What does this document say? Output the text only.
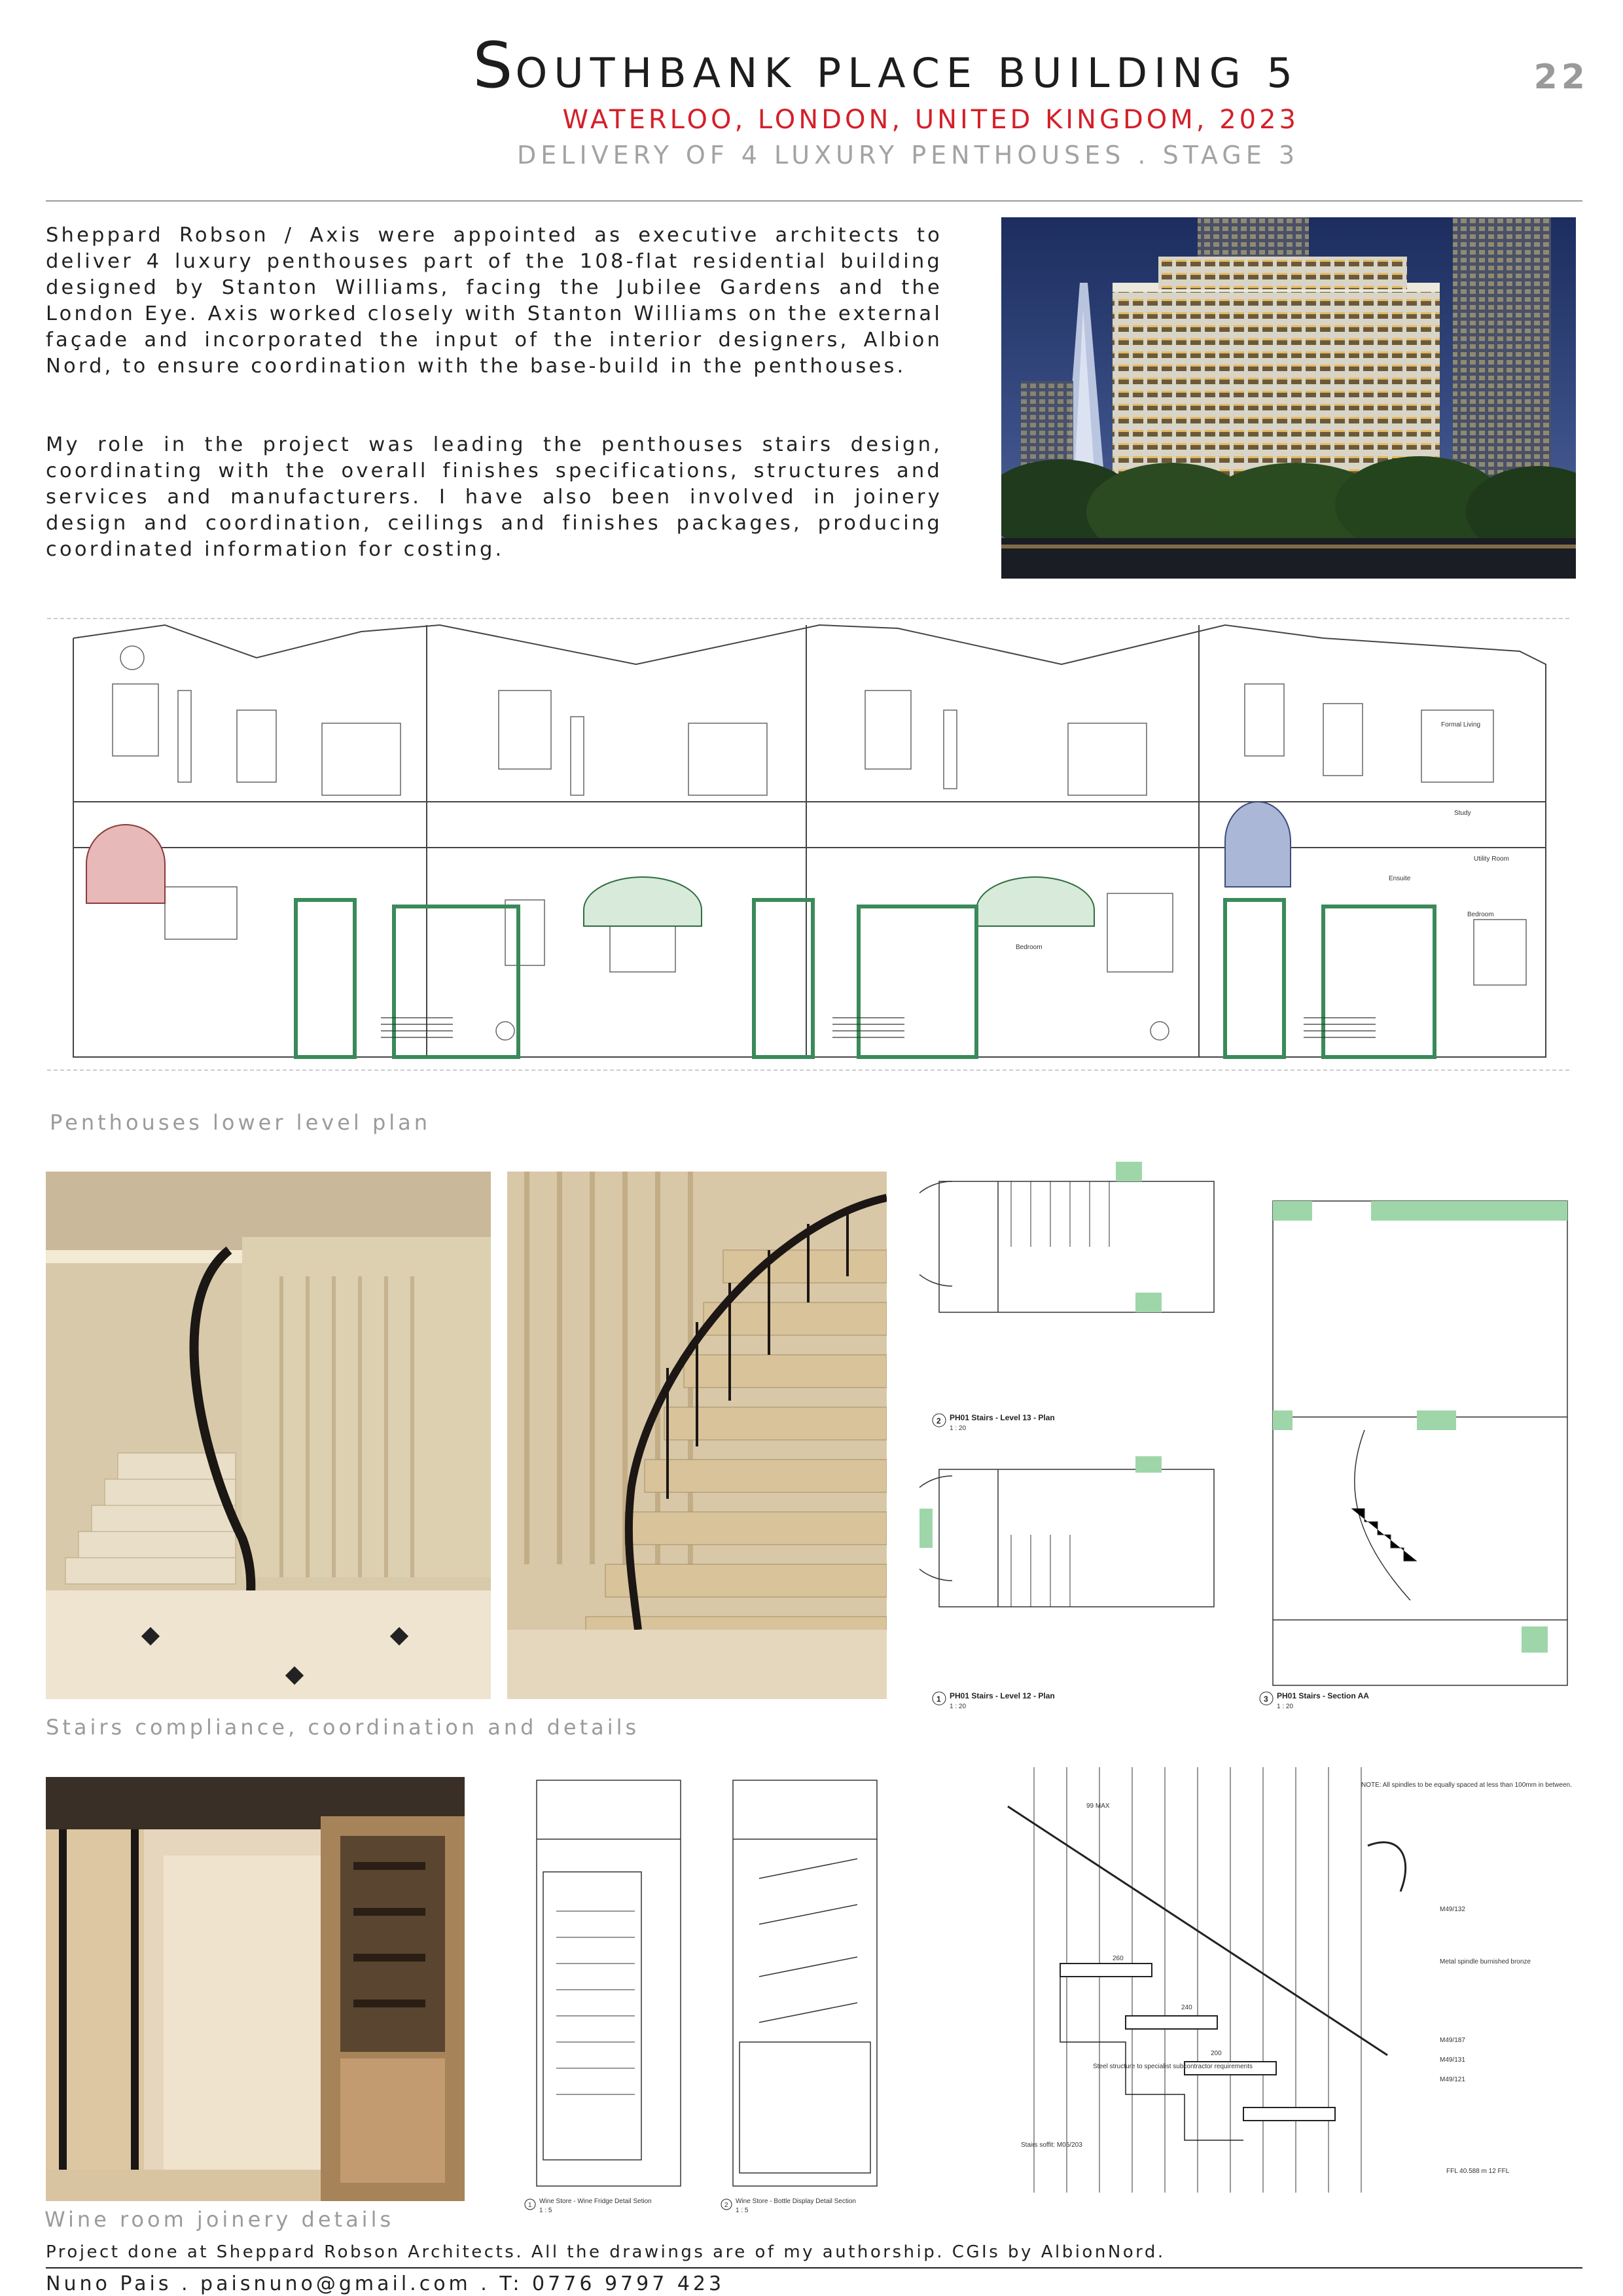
SOUTHBANK PLACE BUILDING 5	22
WATERLOO, LONDON, UNITED KINGDOM, 2023
DELIVERY OF 4 LUXURY PENTHOUSES . STAGE 3

Sheppard Robson / Axis were appointed as executive architects to deliver 4 luxury penthouses part of the 108-flat residential building designed by Stanton Williams, facing the Jubilee Gardens and the London Eye. Axis worked closely with Stanton Williams on the external façade and incorporated the input of the interior designers, Albion Nord, to ensure coordination with the base-build in the penthouses.

My role in the project was leading the penthouses stairs design, coordinating with the overall finishes specifications, structures and services and manufacturers. I have also been involved in joinery design and coordination, ceilings and finishes packages, producing coordinated information for costing.

Formal Living
Study
Utility Room
Ensuite
Bedroom
Bedroom
Penthouses lower level plan
2 PH01 Stairs - Level 13 - Plan
1 : 20
1 PH01 Stairs - Level 12 - Plan
1 : 20
3 PH01 Stairs - Section AA
1 : 20
Stairs compliance, coordination and details
1
Wine Store - Wine Fridge Detail Setion
1 : 5
2
Wine Store - Bottle Display Detail Section
1 : 5
NOTE: All spindles to be equally spaced at less than 100mm in between.
99 MAX
260
240
200
Steel structure to specialist subcontractor requirements
Metal spindle burnished bronze
Stairs soffit: M05/203
M49/132
M49/187
M49/131
M49/121
FFL 40.588 m 12 FFL
Wine room joinery details
Project done at Sheppard Robson Architects. All the drawings are of my authorship. CGIs by AlbionNord.
Nuno Pais . paisnuno@gmail.com . T: 0776 9797 423
